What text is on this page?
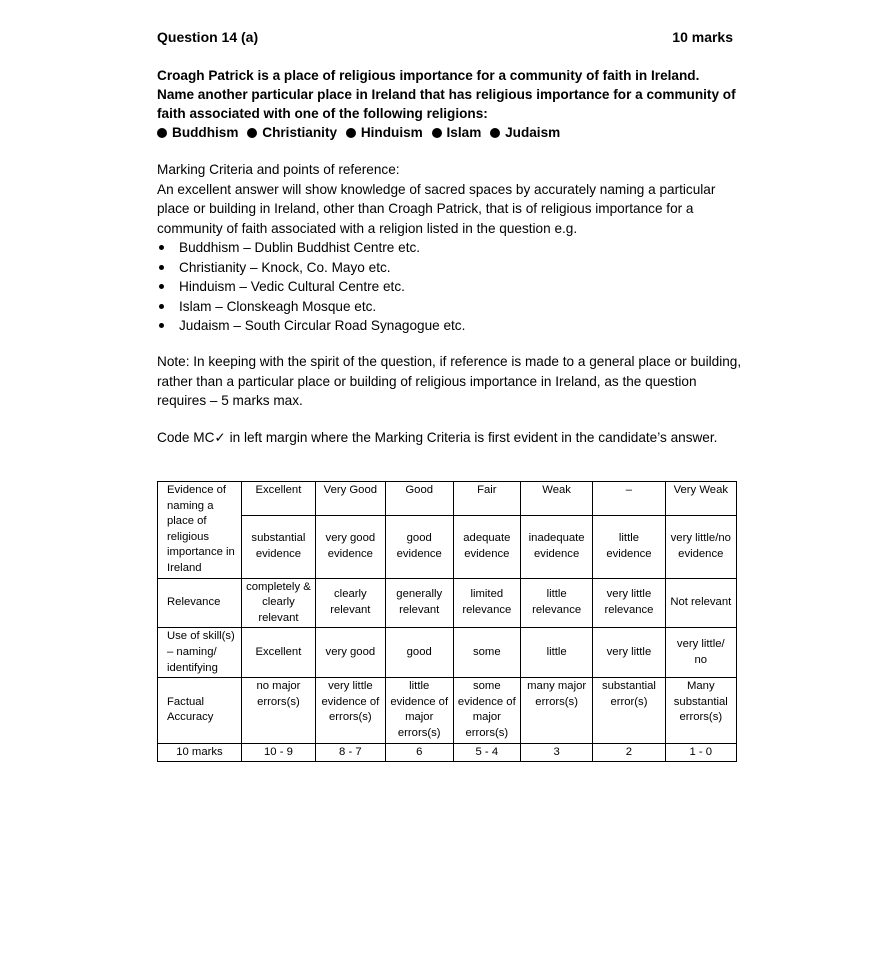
Question 14 (a)	10 marks
Croagh Patrick is a place of religious importance for a community of faith in Ireland.
Name another particular place in Ireland that has religious importance for a community of faith associated with one of the following religions:
Buddhism Christianity Hinduism Islam Judaism
Marking Criteria and points of reference:
An excellent answer will show knowledge of sacred spaces by accurately naming a particular place or building in Ireland, other than Croagh Patrick, that is of religious importance for a community of faith associated with a religion listed in the question e.g.
Buddhism – Dublin Buddhist Centre etc.
Christianity – Knock, Co. Mayo etc.
Hinduism – Vedic Cultural Centre etc.
Islam – Clonskeagh Mosque etc.
Judaism – South Circular Road Synagogue etc.
Note: In keeping with the spirit of the question, if reference is made to a general place or building, rather than a particular place or building of religious importance in Ireland, as the question requires – 5 marks max.
Code MC✓ in left margin where the Marking Criteria is first evident in the candidate’s answer.
Evidence of naming a place of religious importance in Ireland	Excellent	Very Good	Good	Fair	Weak	–	Very Weak
	substantial evidence	very good evidence	good evidence	adequate evidence	inadequate evidence	little evidence	very little/no evidence
Relevance	completely & clearly relevant	clearly relevant	generally relevant	limited relevance	little relevance	very little relevance	Not relevant
Use of skill(s) – naming/ identifying	Excellent	very good	good	some	little	very little	very little/ no
Factual Accuracy	no major errors(s)	very little evidence of errors(s)	little evidence of major errors(s)	some evidence of major errors(s)	many major errors(s)	substantial error(s)	Many substantial errors(s)
10 marks	10 - 9	8 - 7	6	5 - 4	3	2	1 - 0
